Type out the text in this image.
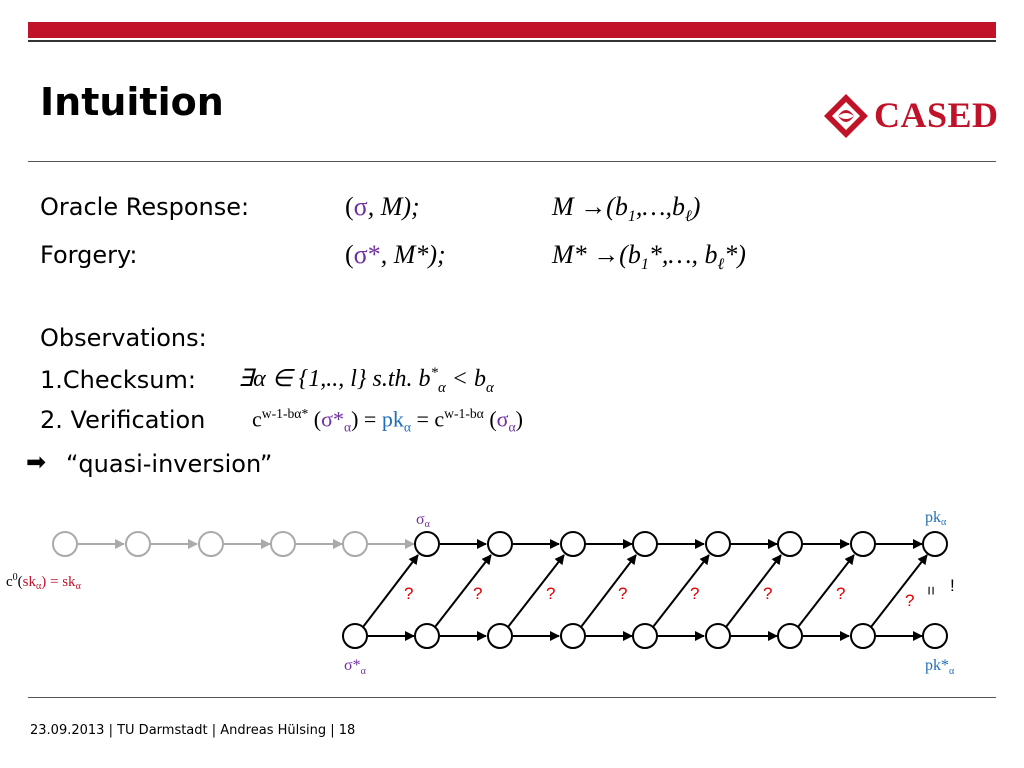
Intuition	CASED
Oracle Response:	(σ, M);	$M \to(b_1,\dots,b_\ell)$
Forgery:	(σ*, M*);	$M* \to(b_1*,\dots$, $b_\ell*$)
Observations:
1.Checksum: ∃α ∈ {1,.., l} s.th. $b^*_\alpha < b_\alpha$
2. Verification $c^{w-1-b\alpha*}$ $(\sigma*_\alpha) = pk_\alpha = c^{w-1-b\alpha}$ $(\sigma_\alpha)$
➡ “quasi-inversion”
?	?	?	?	?	?	?	?
= !
σα	pkα
$\sigma*_\alpha$	$pk*_\alpha$
$c^0(sk_\alpha) = sk_\alpha$
23.09.2013 | TU Darmstadt | Andreas Hülsing | 18
